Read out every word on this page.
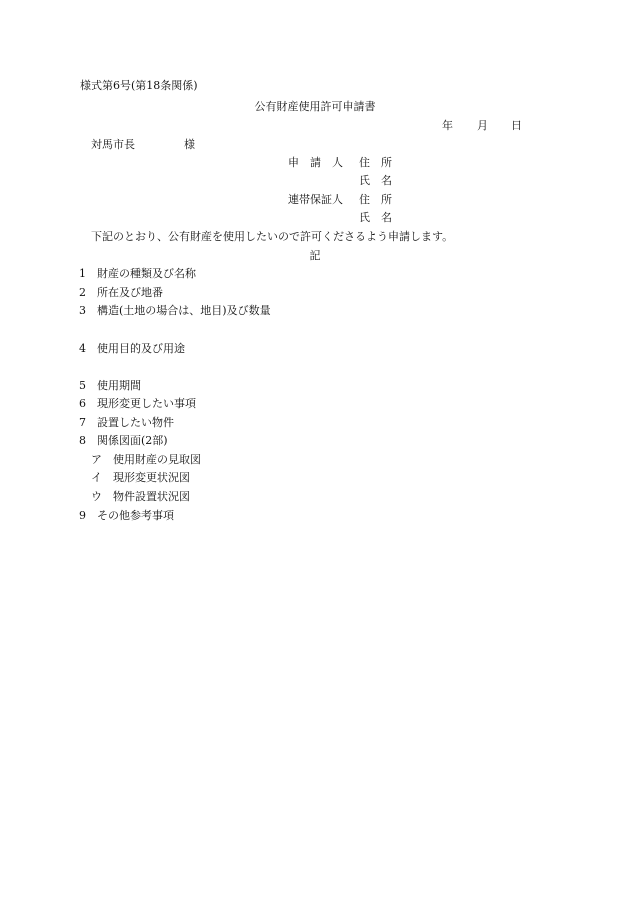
様式第6号(第18条関係)
公有財産使用許可申請書
年 月 日
対馬市長	様
申　請　人 住　所
氏　名
連帯保証人 住　所
氏　名
下記のとおり、公有財産を使用したいので許可くださるよう申請します。
記
1　 財産の種類及び名称
2　 所在及び地番
3　 構造(土地の場合は、地目)及び数量
4　 使用目的及び用途
5　 使用期間
6　 現形変更したい事項
7　 設置したい物件
8　 関係図面(2部)
ア　 使用財産の見取図
イ　 現形変更状況図
ウ　 物件設置状況図
9　 その他参考事項
